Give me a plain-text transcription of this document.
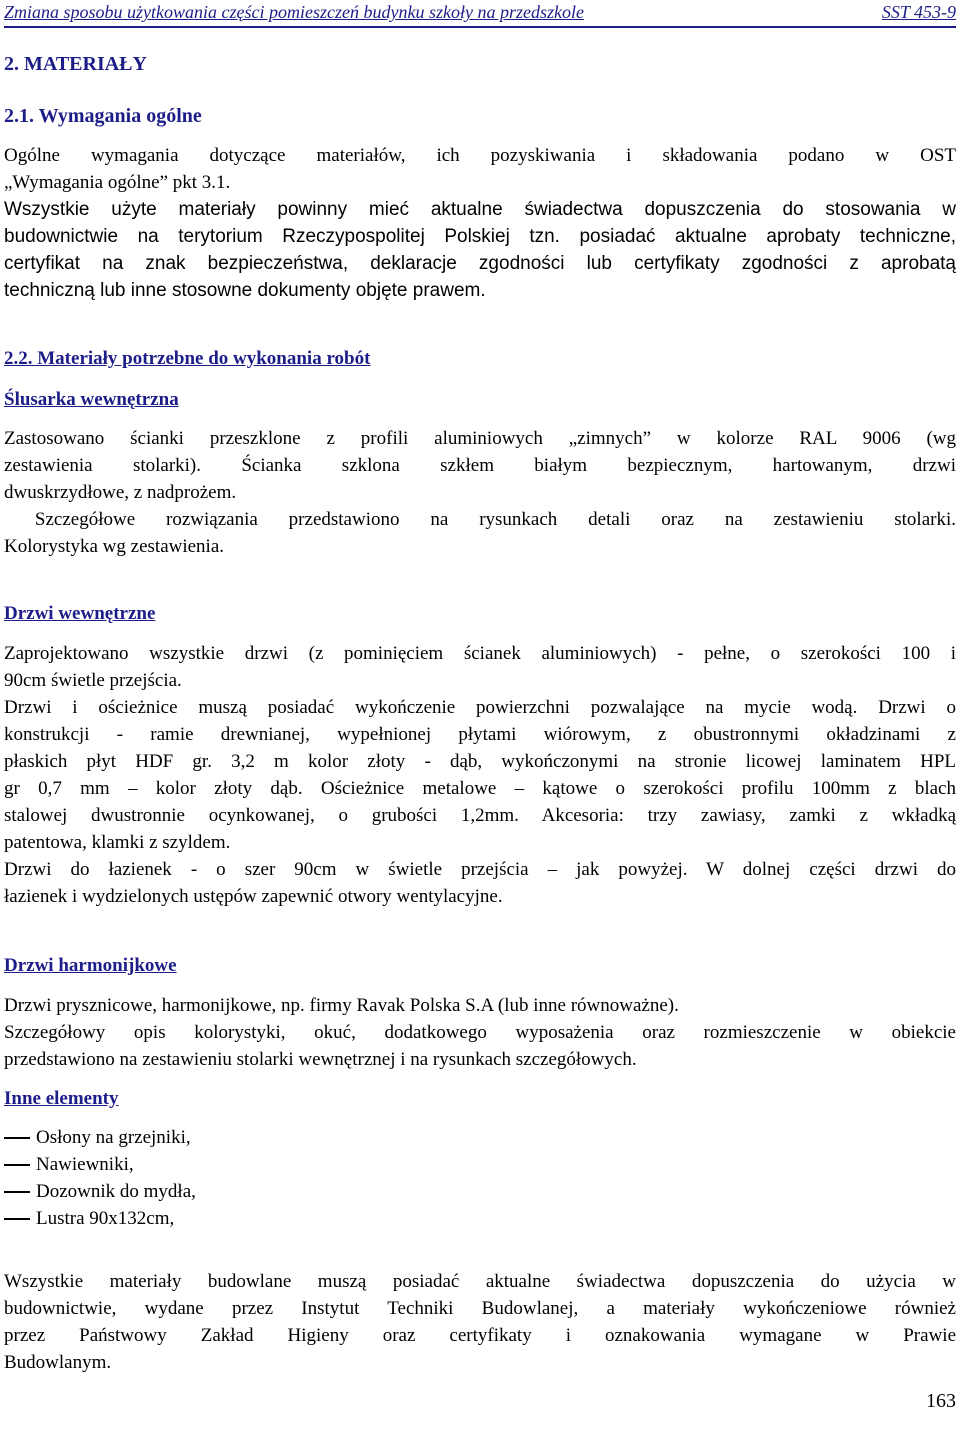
Zmiana sposobu użytkowania części pomieszczeń budynku szkoły na przedszkole	SST 453-9
2. MATERIAŁY
2.1. Wymagania ogólne
Ogólne wymagania dotyczące materiałów, ich pozyskiwania i składowania podano w OST
„Wymagania ogólne” pkt 3.1.
Wszystkie użyte materiały powinny mieć aktualne świadectwa dopuszczenia do stosowania w
budownictwie na terytorium Rzeczypospolitej Polskiej tzn. posiadać aktualne aprobaty techniczne,
certyfikat na znak bezpieczeństwa, deklaracje zgodności lub certyfikaty zgodności z aprobatą
techniczną lub inne stosowne dokumenty objęte prawem.
2.2. Materiały potrzebne do wykonania robót
Ślusarka wewnętrzna
Zastosowano ścianki przeszklone z profili aluminiowych „zimnych” w kolorze RAL 9006 (wg
zestawienia stolarki). Ścianka szklona szkłem białym bezpiecznym, hartowanym, drzwi
dwuskrzydłowe, z nadprożem.
Szczegółowe rozwiązania przedstawiono na rysunkach detali oraz na zestawieniu stolarki.
Kolorystyka wg zestawienia.
Drzwi wewnętrzne
Zaprojektowano wszystkie drzwi (z pominięciem ścianek aluminiowych) - pełne, o szerokości 100 i
90cm świetle przejścia.
Drzwi i ościeżnice muszą posiadać wykończenie powierzchni pozwalające na mycie wodą. Drzwi o
konstrukcji - ramie drewnianej, wypełnionej płytami wiórowym, z obustronnymi okładzinami z
płaskich płyt HDF gr. 3,2 m kolor złoty - dąb, wykończonymi na stronie licowej laminatem HPL
gr 0,7 mm – kolor złoty dąb. Ościeżnice metalowe – kątowe o szerokości profilu 100mm z blach
stalowej dwustronnie ocynkowanej, o grubości 1,2mm. Akcesoria: trzy zawiasy, zamki z wkładką
patentowa, klamki z szyldem.
Drzwi do łazienek - o szer 90cm w świetle przejścia – jak powyżej. W dolnej części drzwi do
łazienek i wydzielonych ustępów zapewnić otwory wentylacyjne.
Drzwi harmonijkowe
Drzwi prysznicowe, harmonijkowe, np. firmy Ravak Polska S.A (lub inne równoważne).
Szczegółowy opis kolorystyki, okuć, dodatkowego wyposażenia oraz rozmieszczenie w obiekcie
przedstawiono na zestawieniu stolarki wewnętrznej i na rysunkach szczegółowych.
Inne elementy
Osłony na grzejniki,
Nawiewniki,
Dozownik do mydła,
Lustra 90x132cm,
Wszystkie materiały budowlane muszą posiadać aktualne świadectwa dopuszczenia do użycia w
budownictwie, wydane przez Instytut Techniki Budowlanej, a materiały wykończeniowe również
przez Państwowy Zakład Higieny oraz certyfikaty i oznakowania wymagane w Prawie
Budowlanym.
163
